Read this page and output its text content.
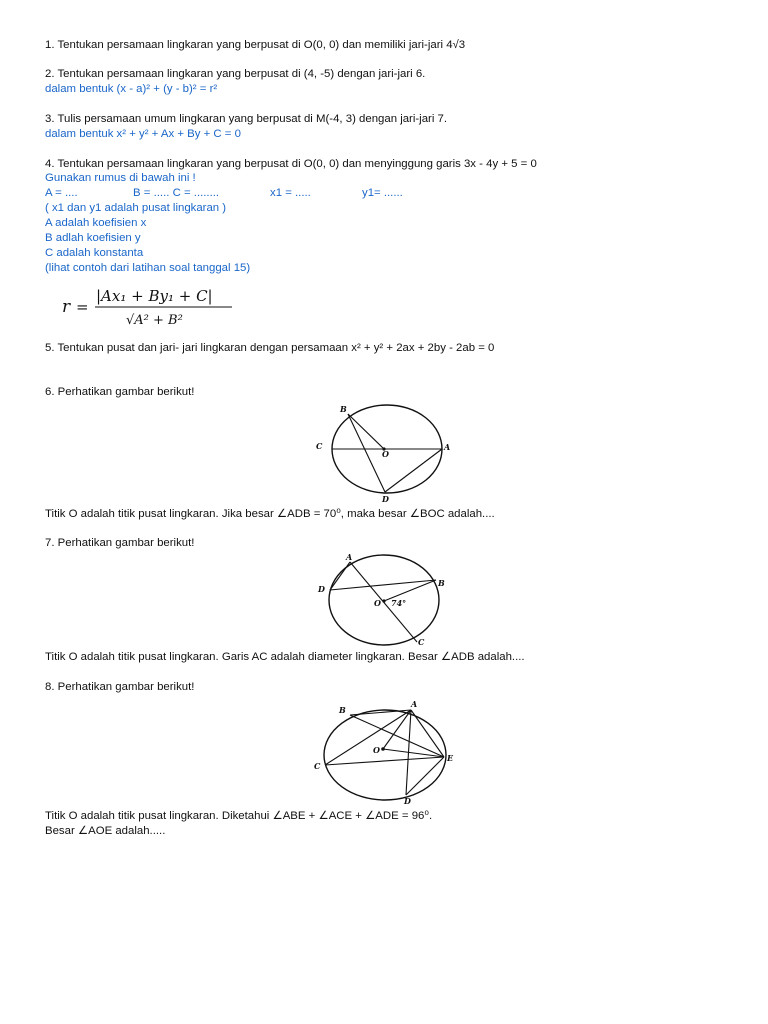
1. Tentukan persamaan lingkaran yang berpusat di O(0, 0) dan memiliki jari-jari 4√3
2. Tentukan persamaan lingkaran yang berpusat di (4, -5) dengan jari-jari 6.
dalam bentuk (x - a)² + (y - b)² = r²
3. Tulis persamaan umum lingkaran yang berpusat di M(-4, 3) dengan jari-jari 7.
dalam bentuk x² + y² + Ax + By + C = 0
4. Tentukan persamaan lingkaran yang berpusat di O(0, 0) dan menyinggung garis 3x - 4y + 5 = 0
Gunakan rumus di bawah ini !
A = ....	B = ..... C = ........	x1 = .....	y1= ......
( x1 dan y1 adalah pusat lingkaran )
A adalah koefisien x
B adlah koefisien y
C adalah konstanta
(lihat contoh dari latihan soal tanggal 15)
r =
|Ax₁ + By₁ + C|
√A² + B²
5. Tentukan pusat dan jari- jari lingkaran dengan persamaan x² + y² + 2ax + 2by - 2ab = 0
6. Perhatikan gambar berikut!
B
C
O
A
D
Titik O adalah titik pusat lingkaran. Jika besar ∠ADB = 70⁰, maka besar ∠BOC adalah....
7. Perhatikan gambar berikut!
A
B
C
D
O 74°
Titik O adalah titik pusat lingkaran. Garis AC adalah diameter lingkaran. Besar ∠ADB adalah....
8. Perhatikan gambar berikut!
A
B
C
D
E
O
Titik O adalah titik pusat lingkaran. Diketahui ∠ABE + ∠ACE + ∠ADE = 96⁰.
Besar ∠AOE adalah.....
